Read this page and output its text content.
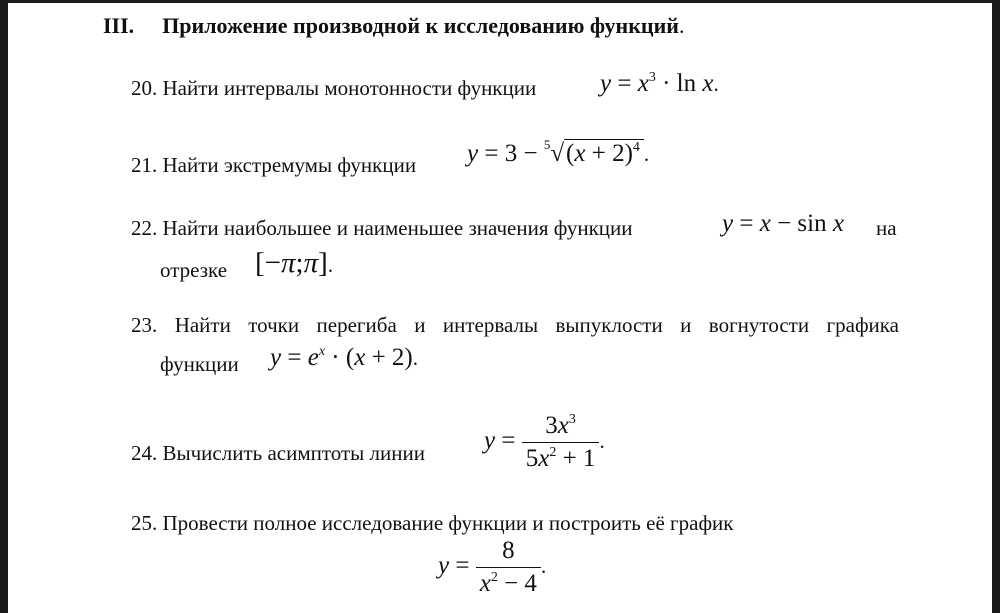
III. Приложение производной к исследованию функций.
20. Найти интервалы монотонности функции	$y = x^3 \cdot \ln x$.
21. Найти экстремумы функции $y = 3 - ^5√(x + 2)^4$ .
22. Найти наибольшее и наименьшее значения функции	y = x − sin x на
отрезке [−π;π].
23. Найти точки перегиба и интервалы выпуклости и вогнутости графика
функции $y = e^x \cdot (x + 2)$.
24. Вычислить асимптоты линии $y = \frac{3x^3}{5x^2 + 1}$ .
25. Провести полное исследование функции и построить её график
$y = \frac{8}{x^2 - 4}$ .
